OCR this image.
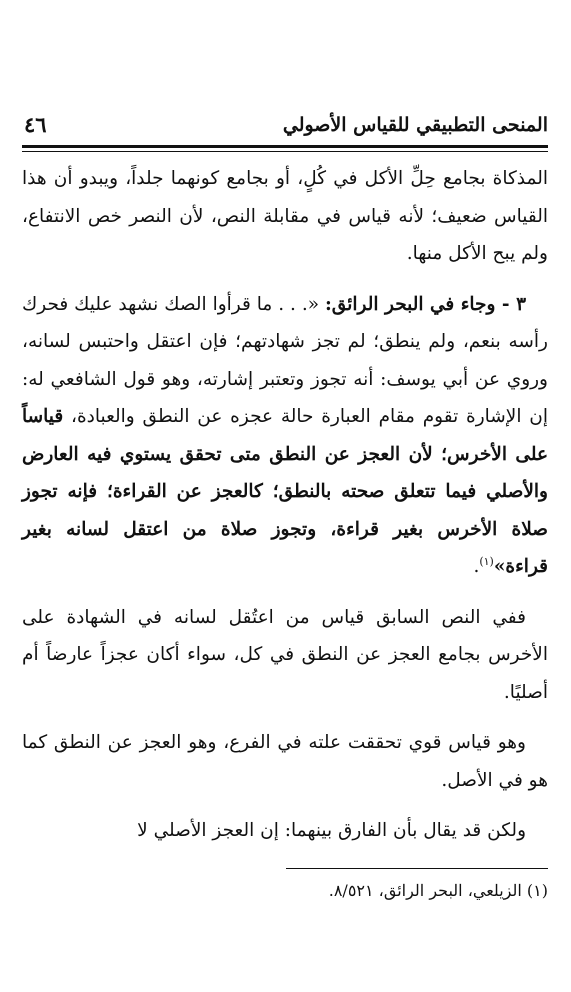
المنحى التطبيقي للقياس الأصولي
٤٦

المذكاة بجامع حِلِّ الأكل في كُلٍ، أو بجامع كونهما جلداً، ويبدو أن هذا القياس ضعيف؛ لأنه قياس في مقابلة النص، لأن النصر خص الانتفاع، ولم يبح الأكل منها.

٣ - وجاء في البحر الرائق: «. . . ما قرأوا الصك نشهد عليك فحرك رأسه بنعم، ولم ينطق؛ لم تجز شهادتهم؛ فإن اعتقل واحتبس لسانه، وروي عن أبي يوسف: أنه تجوز وتعتبر إشارته، وهو قول الشافعي له: إن الإشارة تقوم مقام العبارة حالة عجزه عن النطق والعبادة، قياساً على الأخرس؛ لأن العجز عن النطق متى تحقق يستوي فيه العارض والأصلي فيما تتعلق صحته بالنطق؛ كالعجز عن القراءة؛ فإنه تجوز صلاة الأخرس بغير قراءة، وتجوز صلاة من اعتقل لسانه بغير قراءة»$^{(١)}$.

ففي النص السابق قياس من اعتُقل لسانه في الشهادة على الأخرس بجامع العجز عن النطق في كل، سواء أكان عجزاً عارضاً أم أصليًا.

وهو قياس قوي تحققت علته في الفرع، وهو العجز عن النطق كما هو في الأصل.

ولكن قد يقال بأن الفارق بينهما: إن العجز الأصلي لا

(١) الزيلعي، البحر الرائق، ٨/٥٢١.
